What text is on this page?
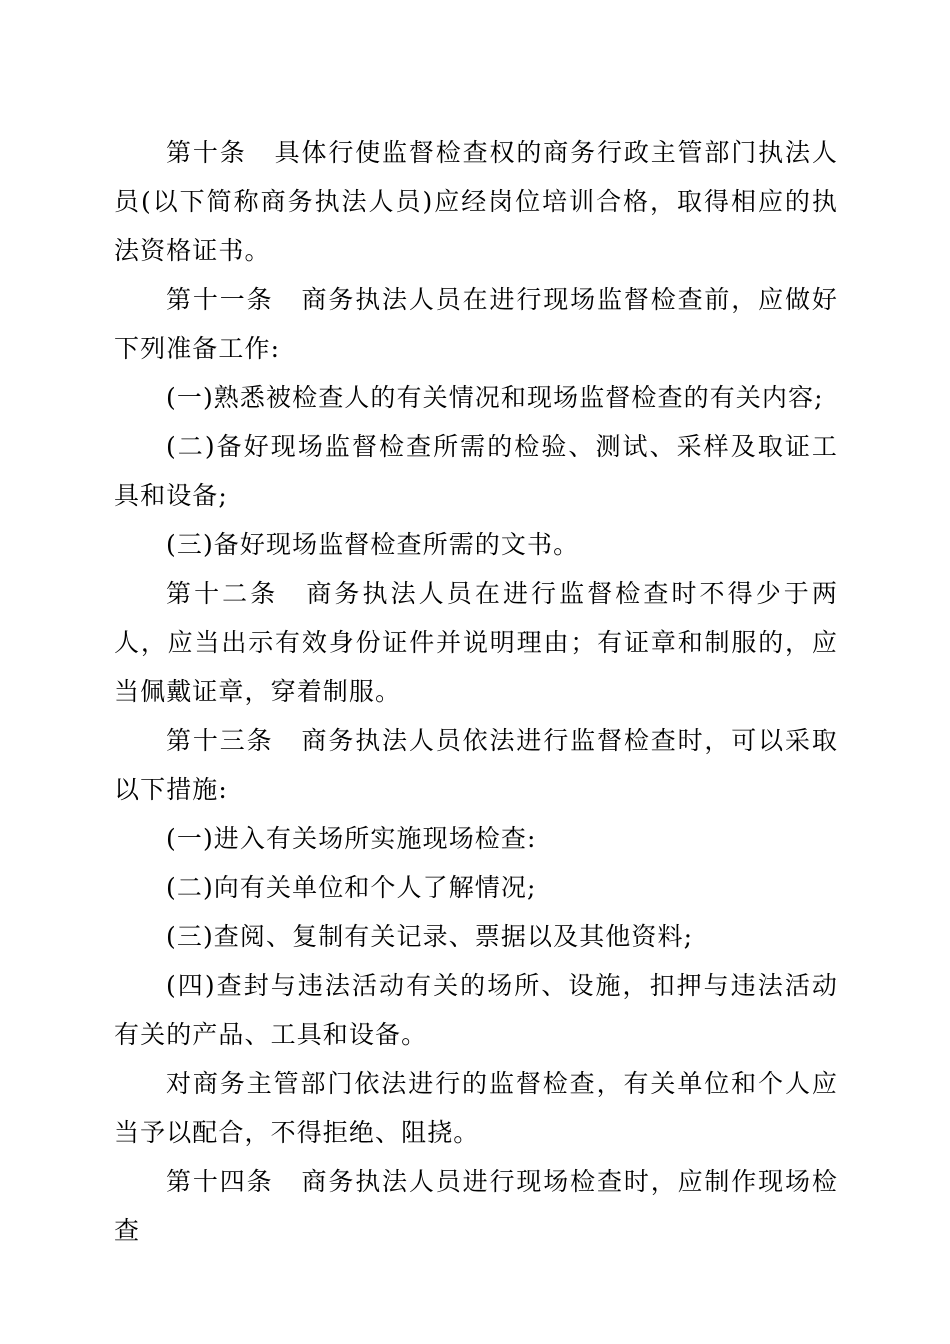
第十条 具体行使监督检查权的商务行政主管部门执法人员(以下简称商务执法人员)应经岗位培训合格，取得相应的执法资格证书。

第十一条 商务执法人员在进行现场监督检查前，应做好下列准备工作:

(一)熟悉被检查人的有关情况和现场监督检查的有关内容;

(二)备好现场监督检查所需的检验、测试、采样及取证工具和设备;

(三)备好现场监督检查所需的文书。

第十二条 商务执法人员在进行监督检查时不得少于两人，应当出示有效身份证件并说明理由；有证章和制服的，应当佩戴证章，穿着制服。

第十三条 商务执法人员依法进行监督检查时，可以采取以下措施:

(一)进入有关场所实施现场检查:

(二)向有关单位和个人了解情况;

(三)查阅、复制有关记录、票据以及其他资料;

(四)查封与违法活动有关的场所、设施，扣押与违法活动有关的产品、工具和设备。

对商务主管部门依法进行的监督检查，有关单位和个人应当予以配合，不得拒绝、阻挠。

第十四条 商务执法人员进行现场检查时，应制作现场检查
